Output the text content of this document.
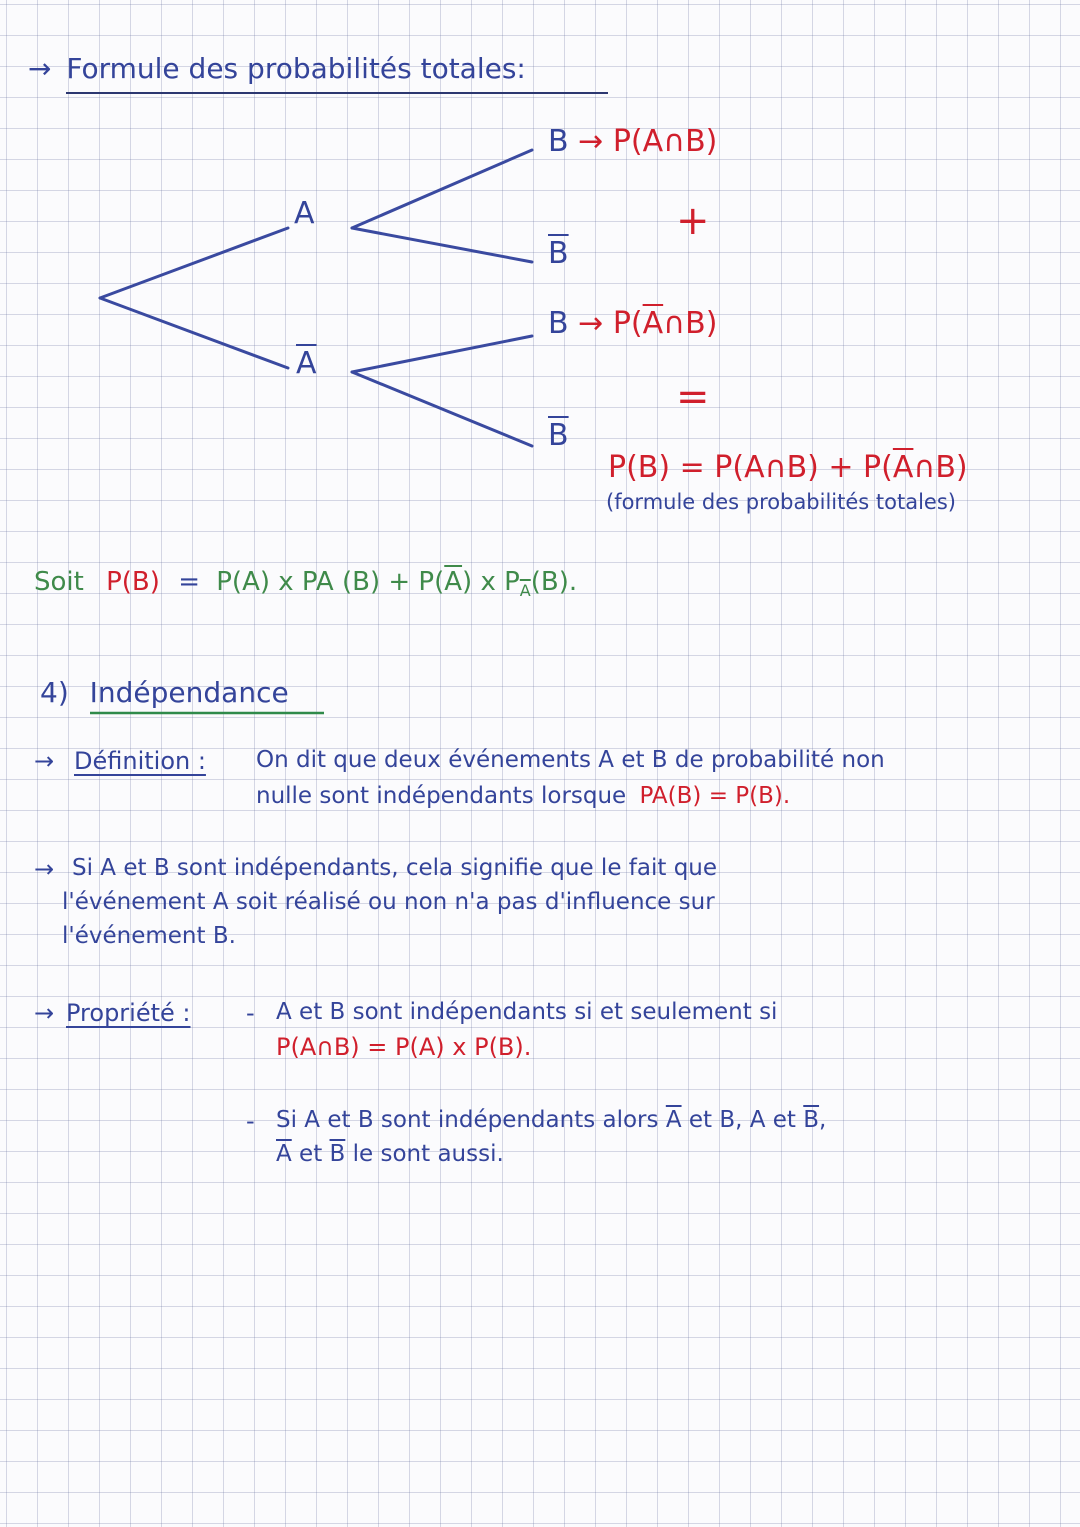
→ Formule des probabilités totales:
A
$\overline{A}$
B → P(A∩B)
$\overline{B}$
+
$B \to P(\overline{A}\cap B)$
=
$\overline{B}$
P(B) = P(A∩B) + $P(\overline{A}\cap B)$
(formule des probabilités totales)
Soit P(B) = P(A) x PA $(B) + P(\overline{A})$ x $P_{\overline{A}}(B)$.
4) Indépendance
→ Définition : On dit que deux événements A et B de probabilité non
nulle sont indépendants lorsque PA(B) = P(B).
→ Si A et B sont indépendants, cela signifie que le fait que
l'événement A soit réalisé ou non n'a pas d'influence sur
l'événement B.
→ Propriété : - A et B sont indépendants si et seulement si
P(A∩B) = P(A) x P(B).
- Si A et B sont indépendants alors $\overline{A}$ et B, A et $\overline{B}$,
$\overline{A}$ et $\overline{B}$ le sont aussi.
